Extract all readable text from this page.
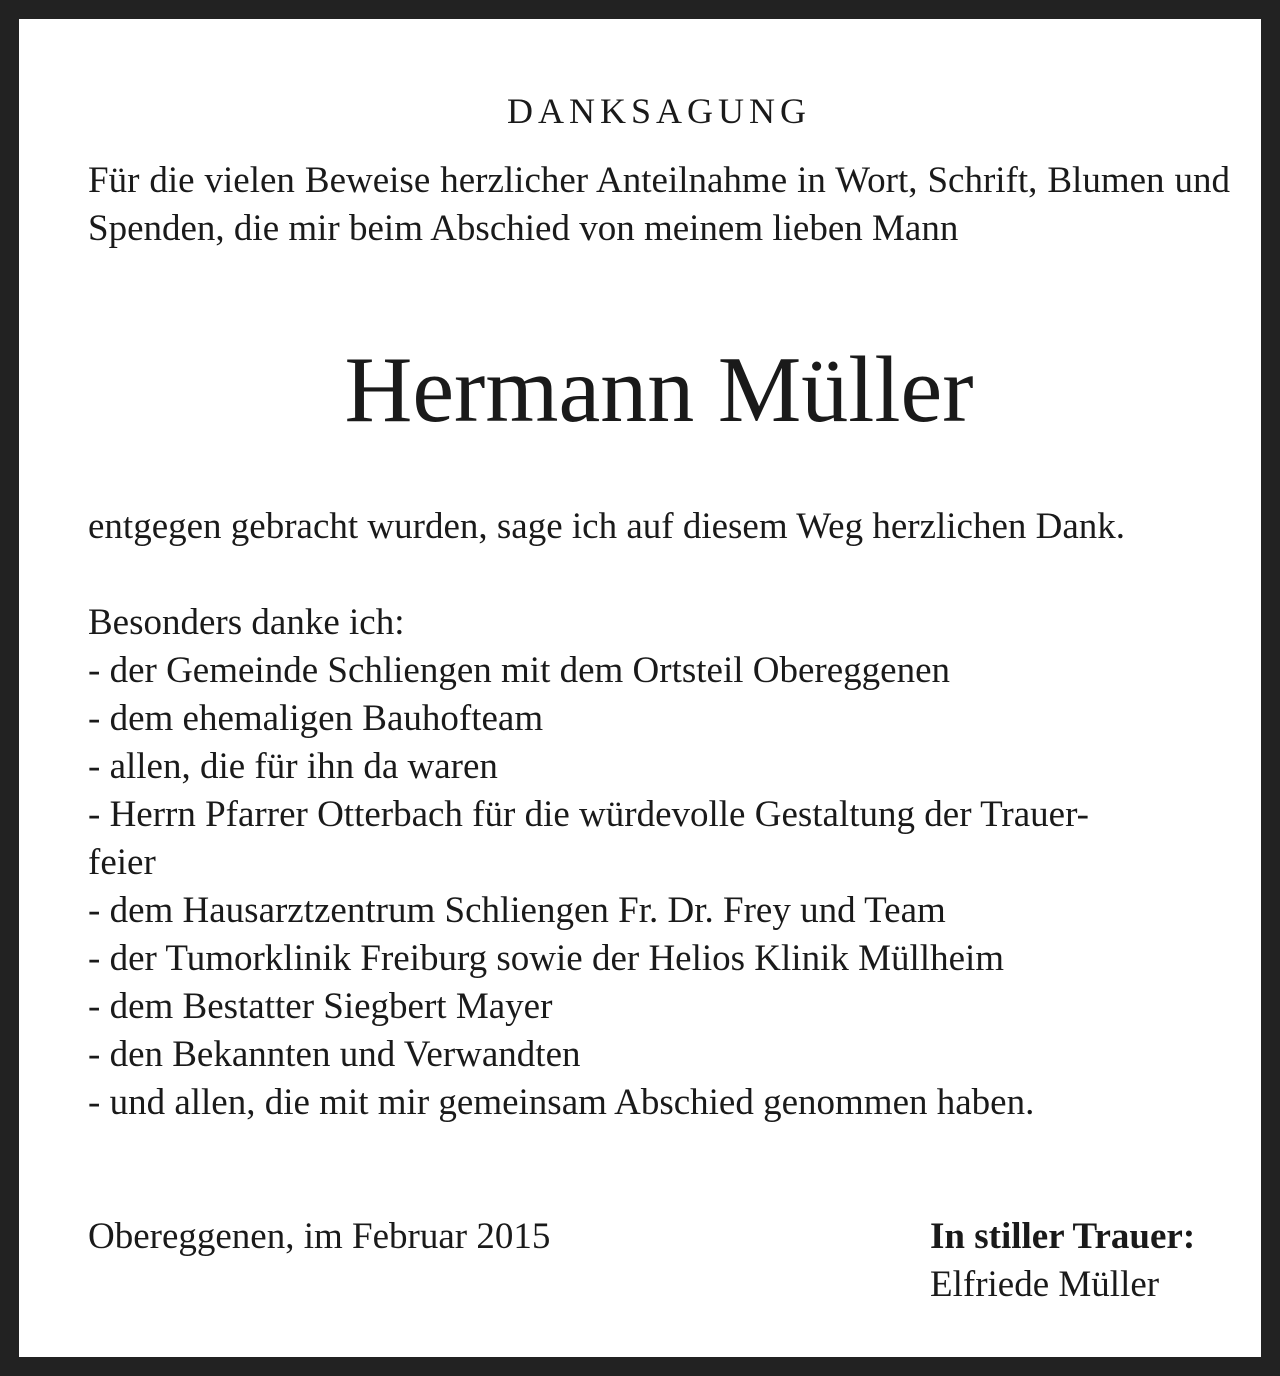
DANKSAGUNG
Für die vielen Beweise herzlicher Anteilnahme in Wort, Schrift, Blumen und Spenden, die mir beim Abschied von meinem lieben Mann
Hermann Müller
entgegen gebracht wurden, sage ich auf diesem Weg herzlichen Dank.
Besonders danke ich:
- der Gemeinde Schliengen mit dem Ortsteil Obereggenen
- dem ehemaligen Bauhofteam
- allen, die für ihn da waren
- Herrn Pfarrer Otterbach für die würdevolle Gestaltung der Trauer-
feier
- dem Hausarztzentrum Schliengen Fr. Dr. Frey und Team
- der Tumorklinik Freiburg sowie der Helios Klinik Müllheim
- dem Bestatter Siegbert Mayer
- den Bekannten und Verwandten
- und allen, die mit mir gemeinsam Abschied genommen haben.
Obereggenen, im Februar 2015	In stiller Trauer:
Elfriede Müller
